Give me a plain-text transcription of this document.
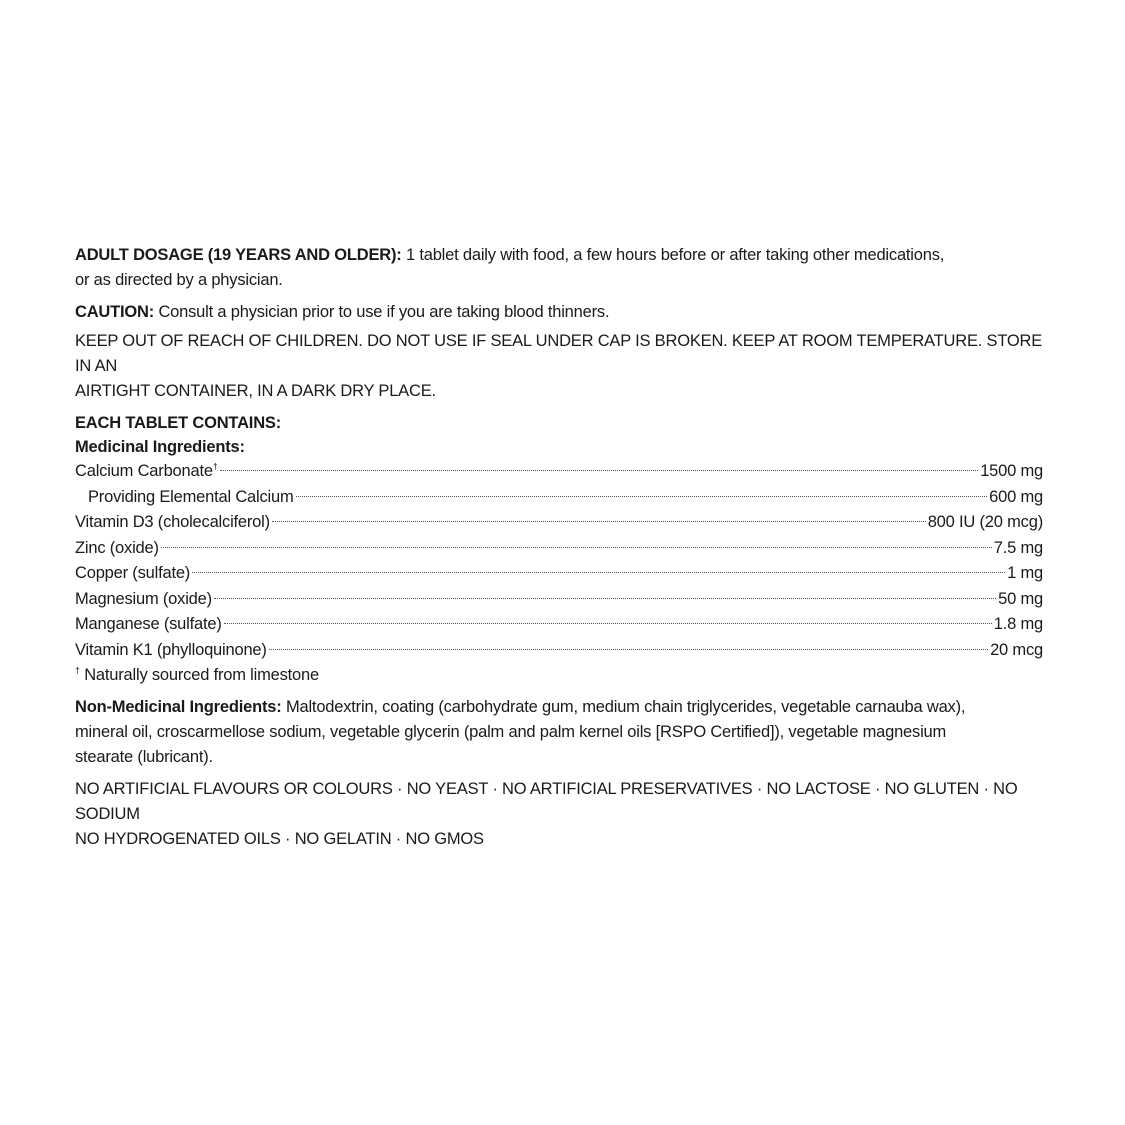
ADULT DOSAGE (19 YEARS AND OLDER): 1 tablet daily with food, a few hours before or after taking other medications,
or as directed by a physician.

CAUTION: Consult a physician prior to use if you are taking blood thinners.

KEEP OUT OF REACH OF CHILDREN. DO NOT USE IF SEAL UNDER CAP IS BROKEN. KEEP AT ROOM TEMPERATURE. STORE IN AN
AIRTIGHT CONTAINER, IN A DARK DRY PLACE.

EACH TABLET CONTAINS:

Medicinal Ingredients:

Calcium Carbonate†	1500 mg
Providing Elemental Calcium	600 mg
Vitamin D3 (cholecalciferol)	800 IU (20 mcg)
Zinc (oxide)	7.5 mg
Copper (sulfate)	1 mg
Magnesium (oxide)	50 mg
Manganese (sulfate)	1.8 mg
Vitamin K1 (phylloquinone)	20 mcg

† Naturally sourced from limestone

Non-Medicinal Ingredients: Maltodextrin, coating (carbohydrate gum, medium chain triglycerides, vegetable carnauba wax),
mineral oil, croscarmellose sodium, vegetable glycerin (palm and palm kernel oils [RSPO Certified]), vegetable magnesium
stearate (lubricant).

NO ARTIFICIAL FLAVOURS OR COLOURS · NO YEAST · NO ARTIFICIAL PRESERVATIVES · NO LACTOSE · NO GLUTEN · NO SODIUM
NO HYDROGENATED OILS · NO GELATIN · NO GMOS
